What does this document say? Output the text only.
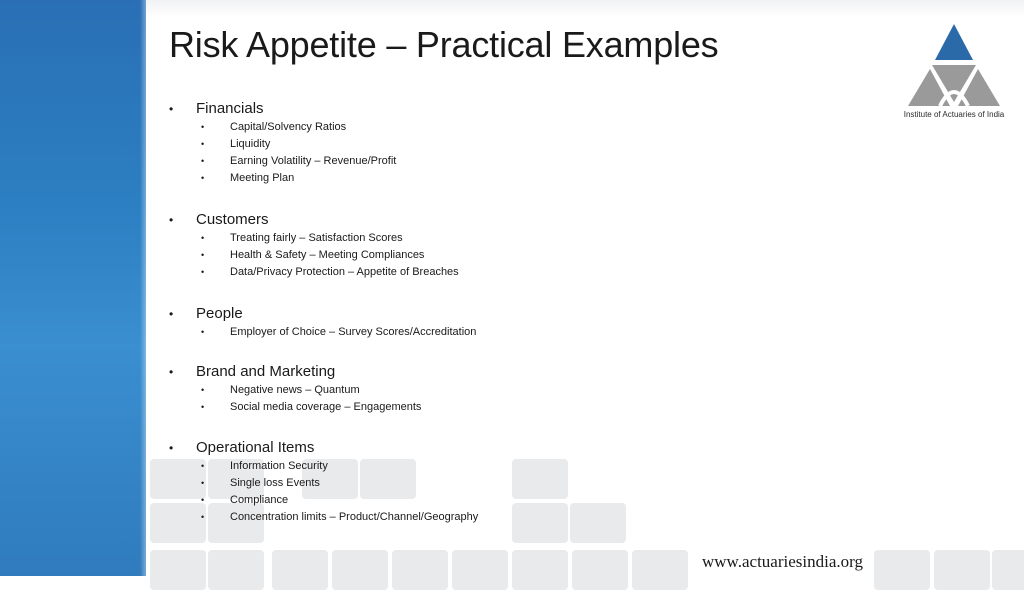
Risk Appetite – Practical Examples
Institute of Actuaries of India
• Financials
• Capital/Solvency Ratios
• Liquidity
• Earning Volatility – Revenue/Profit
• Meeting Plan
• Customers
• Treating fairly – Satisfaction Scores
• Health & Safety – Meeting Compliances
• Data/Privacy Protection – Appetite of Breaches
• People
• Employer of Choice – Survey Scores/Accreditation
• Brand and Marketing
• Negative news – Quantum
• Social media coverage – Engagements
• Operational Items
• Information Security
• Single loss Events
• Compliance
• Concentration limits – Product/Channel/Geography
www.actuariesindia.org
